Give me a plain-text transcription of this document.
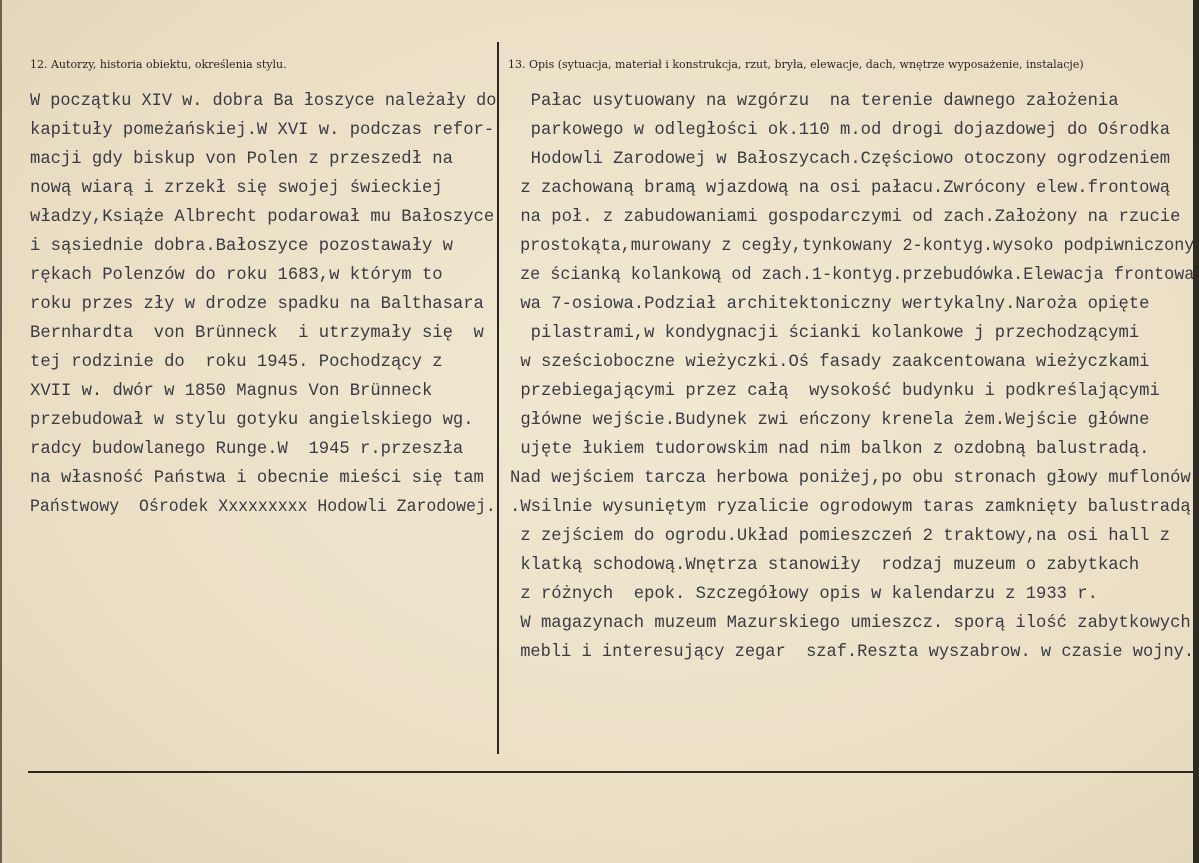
12. Autorzy, historia obiektu, określenia stylu.	13. Opis (sytuacja, materiał i konstrukcja, rzut, bryła, elewacje, dach, wnętrze wyposażenie, instalacje)
W początku XIV w. dobra Ba łoszyce należały do
kapituły pomeżańskiej.W XVI w. podczas refor-
macji gdy biskup von Polen z przeszedł na
nową wiarą i zrzekł się swojej świeckiej
władzy,Książe Albrecht podarował mu Bałoszyce
i sąsiednie dobra.Bałoszyce pozostawały w
rękach Polenzów do roku 1683,w którym to
roku przes zły w drodze spadku na Balthasara
Bernhardta  von Brünneck  i utrzymały się  w
tej rodzinie do  roku 1945. Pochodzący z
XVII w. dwór w 1850 Magnus Von Brünneck
przebudował w stylu gotyku angielskiego wg.
radcy budowlanego Runge.W  1945 r.przeszła
na własność Państwa i obecnie mieści się tam
Państwowy  Ośrodek Xxxxxxxxx Hodowli Zarodowej.
Pałac usytuowany na wzgórzu  na terenie dawnego założenia
parkowego w odległości ok.110 m.od drogi dojazdowej do Ośrodka
Hodowli Zarodowej w Bałoszycach.Częściowo otoczony ogrodzeniem
z zachowaną bramą wjazdową na osi pałacu.Zwrócony elew.frontową
na poł. z zabudowaniami gospodarczymi od zach.Założony na rzucie
prostokąta,murowany z cegły,tynkowany 2-kontyg.wysoko podpiwniczony
ze ścianką kolankową od zach.1-kontyg.przebudówka.Elewacja frontowa
wa 7-osiowa.Podział architektoniczny wertykalny.Naroża opięte
pilastrami,w kondygnacji ścianki kolankowe j przechodzącymi
w sześcioboczne wieżyczki.Oś fasady zaakcentowana wieżyczkami
przebiegającymi przez całą  wysokość budynku i podkreślającymi
główne wejście.Budynek zwi eńczony krenela żem.Wejście główne
ujęte łukiem tudorowskim nad nim balkon z ozdobną balustradą.
Nad wejściem tarcza herbowa poniżej,po obu stronach głowy muflonów
.Wsilnie wysuniętym ryzalicie ogrodowym taras zamknięty balustradą
z zejściem do ogrodu.Układ pomieszczeń 2 traktowy,na osi hall z
klatką schodową.Wnętrza stanowiły  rodzaj muzeum o zabytkach
z różnych  epok. Szczegółowy opis w kalendarzu z 1933 r.
W magazynach muzeum Mazurskiego umieszcz. sporą ilość zabytkowych
mebli i interesujący zegar  szaf.Reszta wyszabrow. w czasie wojny.
